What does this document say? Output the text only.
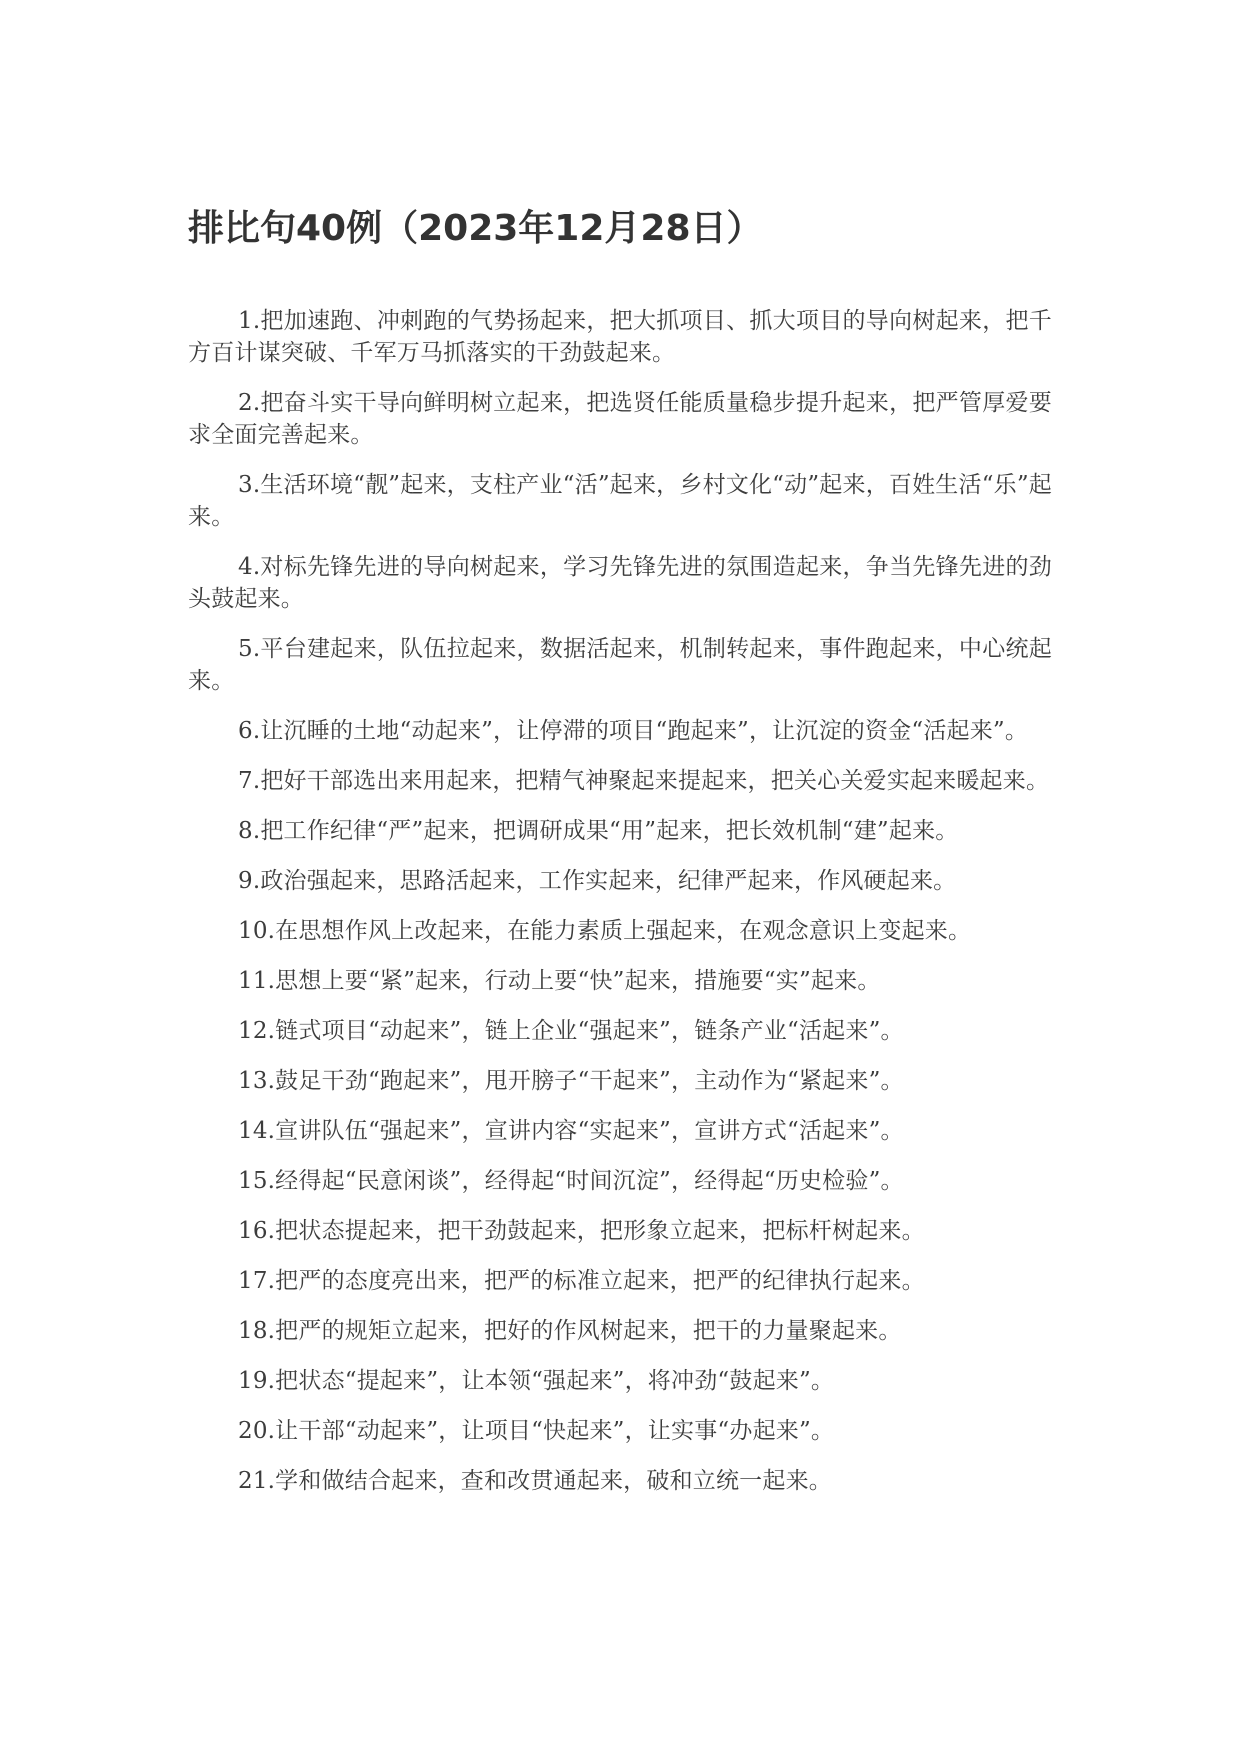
排比句40例（2023年12月28日）
1.把加速跑、冲刺跑的气势扬起来，把大抓项目、抓大项目的导向树起来，把千方百计谋突破、千军万马抓落实的干劲鼓起来。
2.把奋斗实干导向鲜明树立起来，把选贤任能质量稳步提升起来，把严管厚爱要求全面完善起来。
3.生活环境“靓”起来，支柱产业“活”起来，乡村文化“动”起来，百姓生活“乐”起来。
4.对标先锋先进的导向树起来，学习先锋先进的氛围造起来，争当先锋先进的劲头鼓起来。
5.平台建起来，队伍拉起来，数据活起来，机制转起来，事件跑起来，中心统起来。
6.让沉睡的土地“动起来”，让停滞的项目“跑起来”，让沉淀的资金“活起来”。
7.把好干部选出来用起来，把精气神聚起来提起来，把关心关爱实起来暖起来。
8.把工作纪律“严”起来，把调研成果“用”起来，把长效机制“建”起来。
9.政治强起来，思路活起来，工作实起来，纪律严起来，作风硬起来。
10.在思想作风上改起来，在能力素质上强起来，在观念意识上变起来。
11.思想上要“紧”起来，行动上要“快”起来，措施要“实”起来。
12.链式项目“动起来”，链上企业“强起来”，链条产业“活起来”。
13.鼓足干劲“跑起来”，甩开膀子“干起来”，主动作为“紧起来”。
14.宣讲队伍“强起来”，宣讲内容“实起来”，宣讲方式“活起来”。
15.经得起“民意闲谈”，经得起“时间沉淀”，经得起“历史检验”。
16.把状态提起来，把干劲鼓起来，把形象立起来，把标杆树起来。
17.把严的态度亮出来，把严的标准立起来，把严的纪律执行起来。
18.把严的规矩立起来，把好的作风树起来，把干的力量聚起来。
19.把状态“提起来”，让本领“强起来”，将冲劲“鼓起来”。
20.让干部“动起来”，让项目“快起来”，让实事“办起来”。
21.学和做结合起来，查和改贯通起来，破和立统一起来。
